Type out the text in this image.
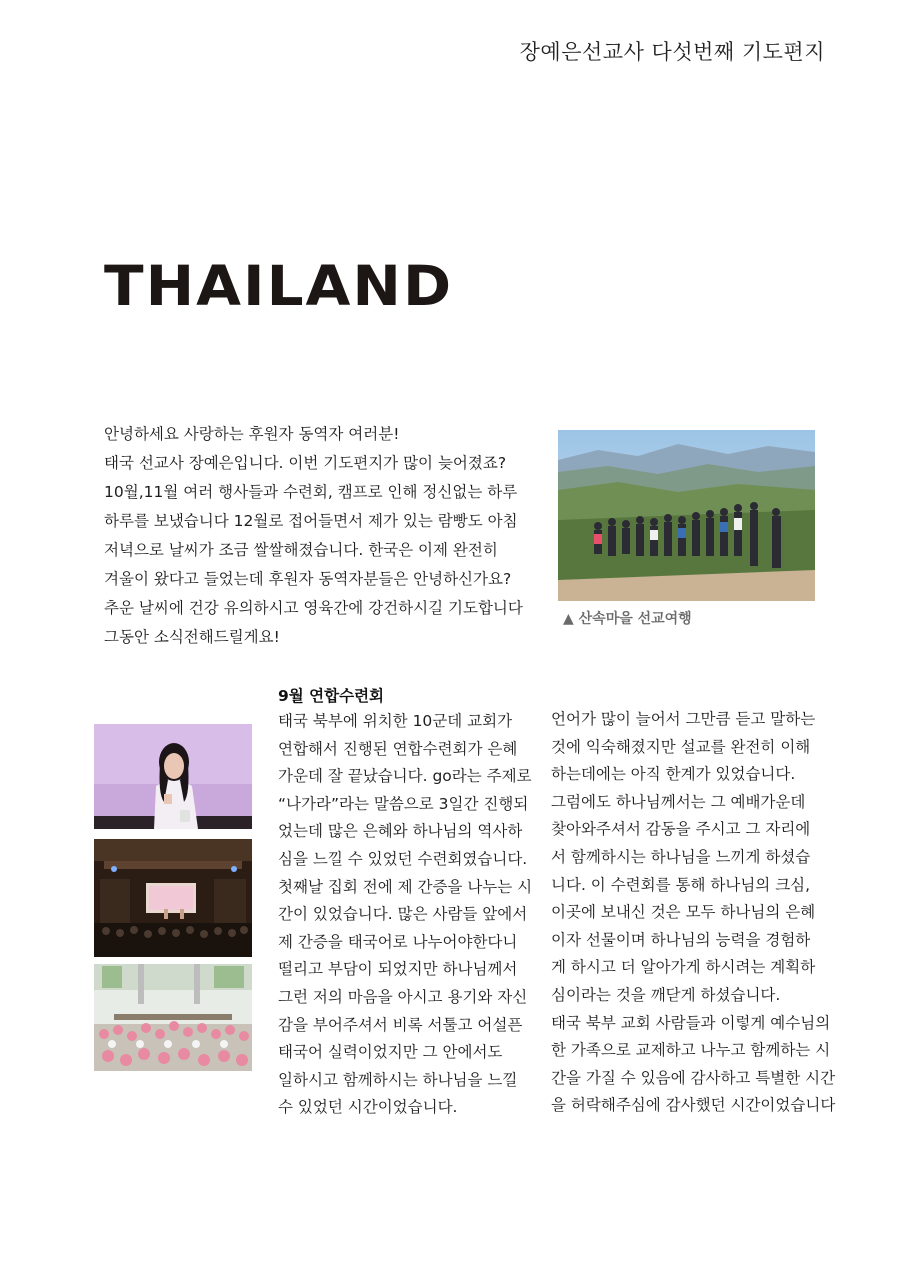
장예은선교사 다섯번째 기도편지
THAILAND
안녕하세요 사랑하는 후원자 동역자 여러분!
태국 선교사 장예은입니다. 이번 기도편지가 많이 늦어졌죠?
10월,11월 여러 행사들과 수련회, 캠프로 인해 정신없는 하루
하루를 보냈습니다 12월로 접어들면서 제가 있는 람빵도 아침
저녁으로 날씨가 조금 쌀쌀해졌습니다. 한국은 이제 완전히
겨울이 왔다고 들었는데 후원자 동역자분들은 안녕하신가요?
추운 날씨에 건강 유의하시고 영육간에 강건하시길 기도합니다
그동안 소식전해드릴게요!
▲ 산속마을 선교여행
9월 연합수련회
태국 북부에 위치한 10군데 교회가
연합해서 진행된 연합수련회가 은혜
가운데 잘 끝났습니다. go라는 주제로
“나가라”라는 말씀으로 3일간 진행되
었는데 많은 은혜와 하나님의 역사하
심을 느낄 수 있었던 수련회였습니다.
첫째날 집회 전에 제 간증을 나누는 시
간이 있었습니다. 많은 사람들 앞에서
제 간증을 태국어로 나누어야한다니
떨리고 부담이 되었지만 하나님께서
그런 저의 마음을 아시고 용기와 자신
감을 부어주셔서 비록 서툴고 어설픈
태국어 실력이었지만 그 안에서도
일하시고 함께하시는 하나님을 느낄
수 있었던 시간이었습니다.
언어가 많이 늘어서 그만큼 듣고 말하는
것에 익숙해졌지만 설교를 완전히 이해
하는데에는 아직 한계가 있었습니다.
그럼에도 하나님께서는 그 예배가운데
찾아와주셔서 감동을 주시고 그 자리에
서 함께하시는 하나님을 느끼게 하셨습
니다. 이 수련회를 통해 하나님의 크심,
이곳에 보내신 것은 모두 하나님의 은혜
이자 선물이며 하나님의 능력을 경험하
게 하시고 더 알아가게 하시려는 계획하
심이라는 것을 깨닫게 하셨습니다.
태국 북부 교회 사람들과 이렇게 예수님의
한 가족으로 교제하고 나누고 함께하는 시
간을 가질 수 있음에 감사하고 특별한 시간
을 허락해주심에 감사했던 시간이었습니다
